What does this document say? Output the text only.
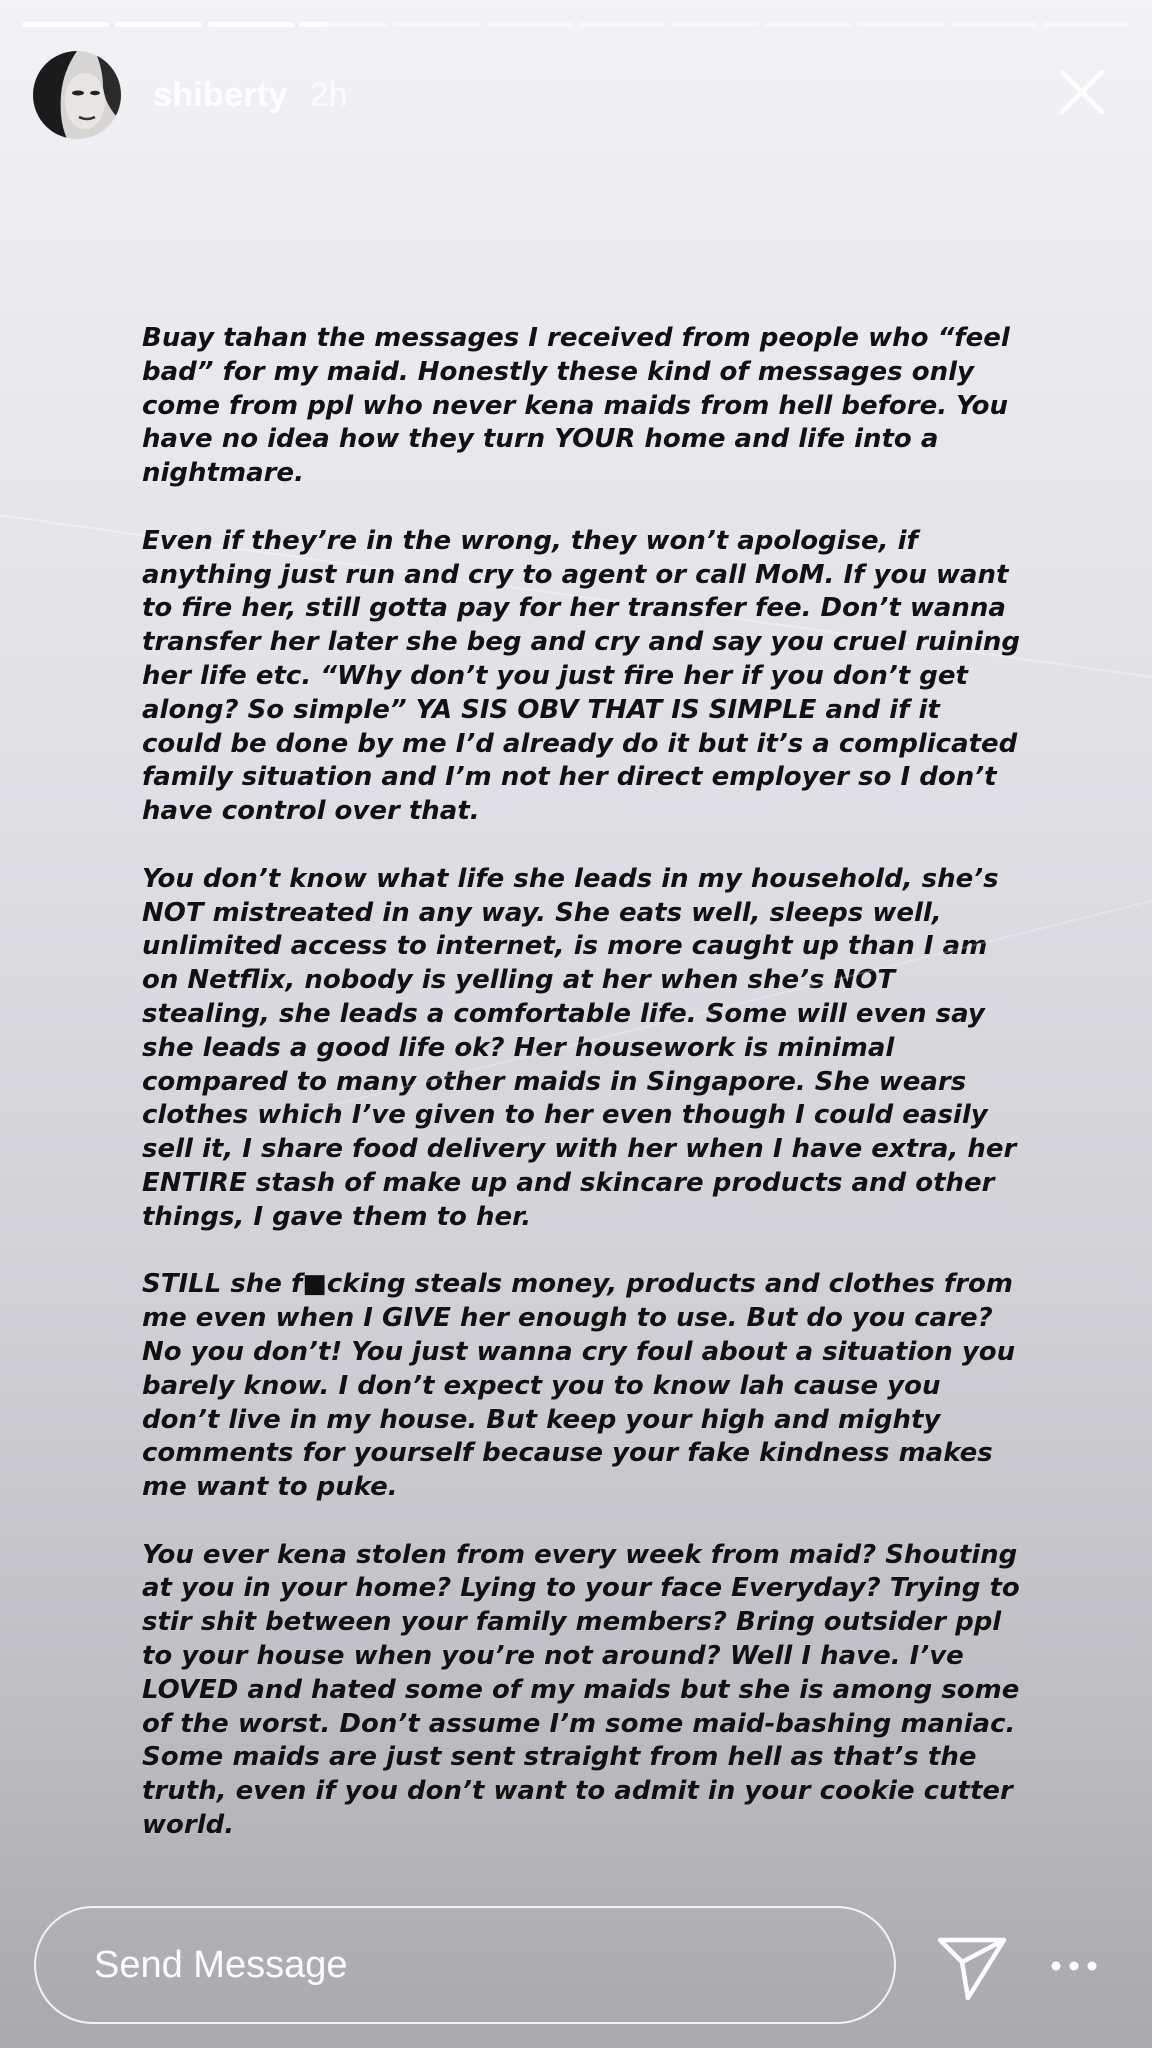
shiberty 2h

Buay tahan the messages I received from people who “feel bad” for my maid. Honestly these kind of messages only come from ppl who never kena maids from hell before. You have no idea how they turn YOUR home and life into a nightmare.

Even if they’re in the wrong, they won’t apologise, if anything just run and cry to agent or call MoM. If you want to fire her, still gotta pay for her transfer fee. Don’t wanna transfer her later she beg and cry and say you cruel ruining her life etc. “Why don’t you just fire her if you don’t get along? So simple” YA SIS OBV THAT IS SIMPLE and if it could be done by me I’d already do it but it’s a complicated family situation and I’m not her direct employer so I don’t have control over that.

You don’t know what life she leads in my household, she’s NOT mistreated in any way. She eats well, sleeps well, unlimited access to internet, is more caught up than I am on Netflix, nobody is yelling at her when she’s NOT stealing, she leads a comfortable life. Some will even say she leads a good life ok? Her housework is minimal compared to many other maids in Singapore. She wears clothes which I’ve given to her even though I could easily sell it, I share food delivery with her when I have extra, her ENTIRE stash of make up and skincare products and other things, I gave them to her.

STILL she f■cking steals money, products and clothes from me even when I GIVE her enough to use. But do you care? No you don’t! You just wanna cry foul about a situation you barely know. I don’t expect you to know lah cause you don’t live in my house. But keep your high and mighty comments for yourself because your fake kindness makes me want to puke.

You ever kena stolen from every week from maid? Shouting at you in your home? Lying to your face Everyday? Trying to stir shit between your family members? Bring outsider ppl to your house when you’re not around? Well I have. I’ve LOVED and hated some of my maids but she is among some of the worst. Don’t assume I’m some maid-bashing maniac. Some maids are just sent straight from hell as that’s the truth, even if you don’t want to admit in your cookie cutter world.

Send Message
